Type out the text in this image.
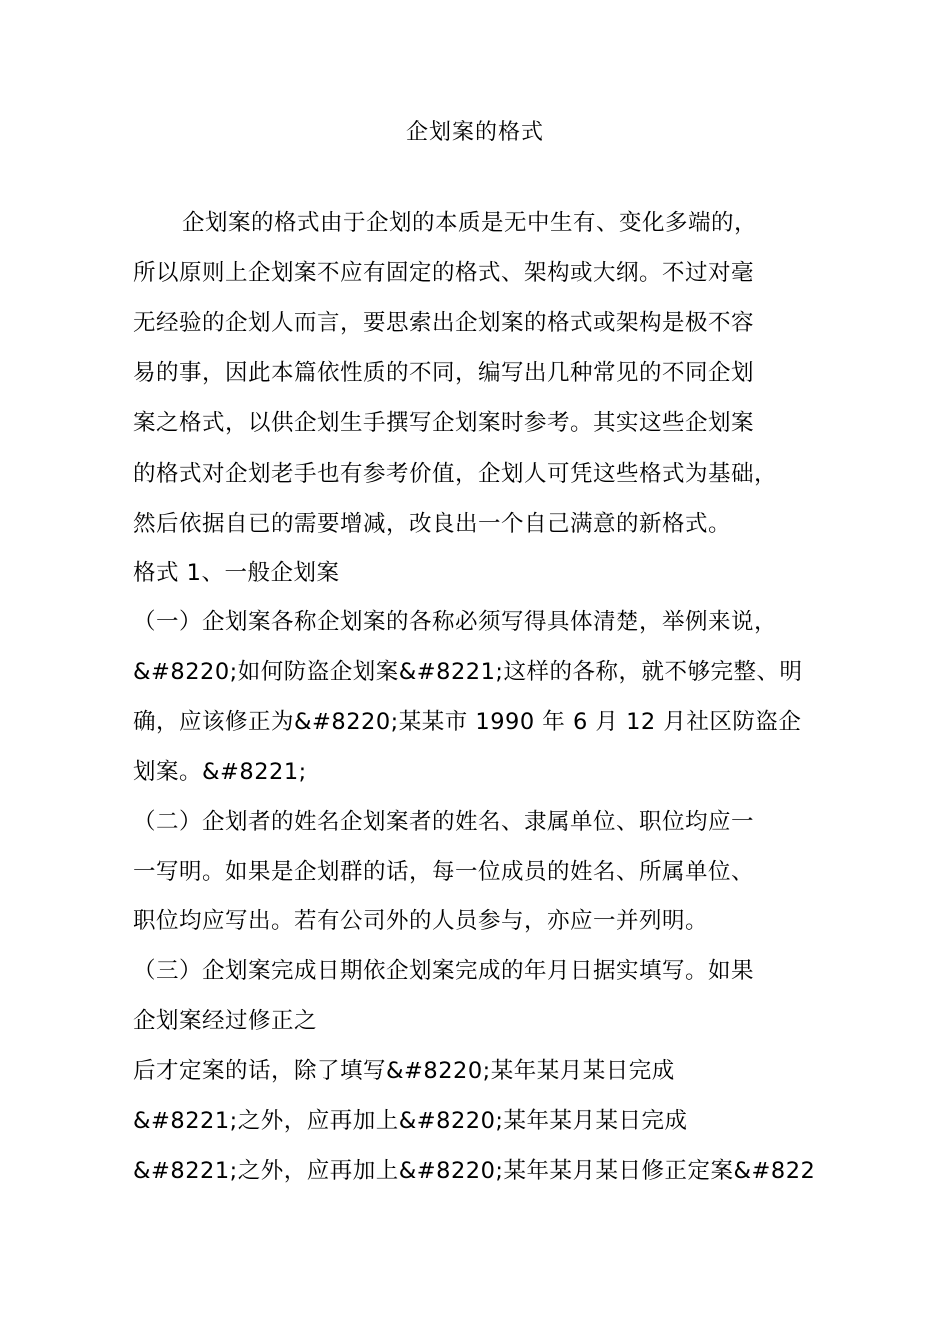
企划案的格式
企划案的格式由于企划的本质是无中生有、变化多端的，
所以原则上企划案不应有固定的格式、架构或大纲。不过对毫
无经验的企划人而言，要思索出企划案的格式或架构是极不容
易的事，因此本篇依性质的不同，编写出几种常见的不同企划
案之格式，以供企划生手撰写企划案时参考。其实这些企划案
的格式对企划老手也有参考价值，企划人可凭这些格式为基础，
然后依据自已的需要增减，改良出一个自己满意的新格式。
格式 1、一般企划案
（一）企划案各称企划案的各称必须写得具体清楚，举例来说，
&#8220;如何防盗企划案&#8221;这样的各称，就不够完整、明
确，应该修正为&#8220;某某市 1990 年 6 月 12 月社区防盗企
划案。&#8221;
（二）企划者的姓名企划案者的姓名、隶属单位、职位均应一
一写明。如果是企划群的话，每一位成员的姓名、所属单位、
职位均应写出。若有公司外的人员参与，亦应一并列明。
（三）企划案完成日期依企划案完成的年月日据实填写。如果
企划案经过修正之
后才定案的话，除了填写&#8220;某年某月某日完成
&#8221;之外，应再加上&#8220;某年某月某日完成
&#8221;之外，应再加上&#8220;某年某月某日修正定案&#822
